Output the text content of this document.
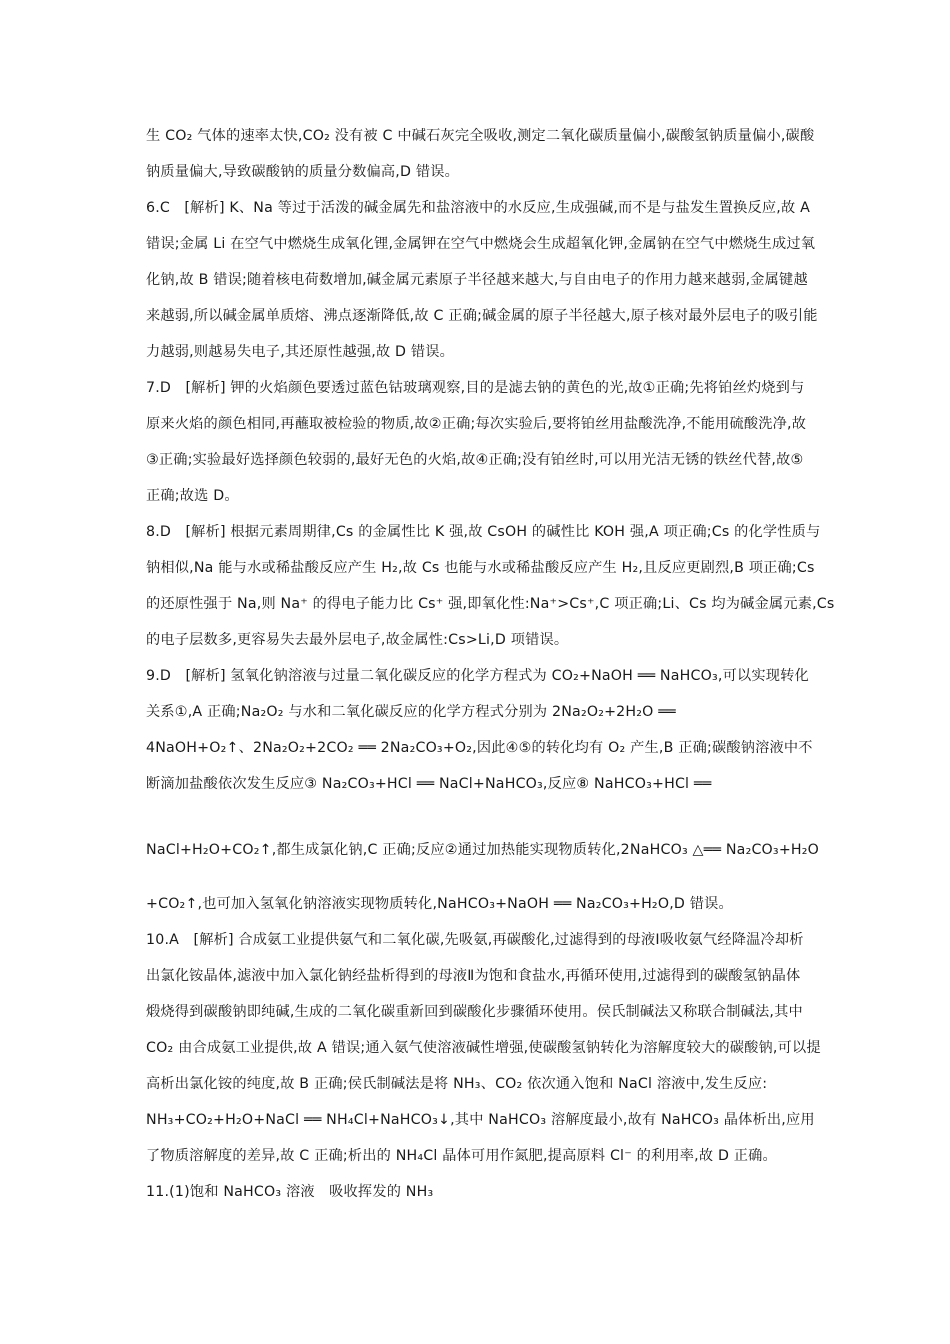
生 CO₂ 气体的速率太快,CO₂ 没有被 C 中碱石灰完全吸收,测定二氧化碳质量偏小,碳酸氢钠质量偏小,碳酸
钠质量偏大,导致碳酸钠的质量分数偏高,D 错误。
6.C　[解析] K、Na 等过于活泼的碱金属先和盐溶液中的水反应,生成强碱,而不是与盐发生置换反应,故 A
错误;金属 Li 在空气中燃烧生成氧化锂,金属钾在空气中燃烧会生成超氧化钾,金属钠在空气中燃烧生成过氧
化钠,故 B 错误;随着核电荷数增加,碱金属元素原子半径越来越大,与自由电子的作用力越来越弱,金属键越
来越弱,所以碱金属单质熔、沸点逐渐降低,故 C 正确;碱金属的原子半径越大,原子核对最外层电子的吸引能
力越弱,则越易失电子,其还原性越强,故 D 错误。
7.D　[解析] 钾的火焰颜色要透过蓝色钴玻璃观察,目的是滤去钠的黄色的光,故①正确;先将铂丝灼烧到与
原来火焰的颜色相同,再蘸取被检验的物质,故②正确;每次实验后,要将铂丝用盐酸洗净,不能用硫酸洗净,故
③正确;实验最好选择颜色较弱的,最好无色的火焰,故④正确;没有铂丝时,可以用光洁无锈的铁丝代替,故⑤
正确;故选 D。
8.D　[解析] 根据元素周期律,Cs 的金属性比 K 强,故 CsOH 的碱性比 KOH 强,A 项正确;Cs 的化学性质与
钠相似,Na 能与水或稀盐酸反应产生 H₂,故 Cs 也能与水或稀盐酸反应产生 H₂,且反应更剧烈,B 项正确;Cs
的还原性强于 Na,则 Na⁺ 的得电子能力比 Cs⁺ 强,即氧化性:Na⁺>Cs⁺,C 项正确;Li、Cs 均为碱金属元素,Cs
的电子层数多,更容易失去最外层电子,故金属性:Cs>Li,D 项错误。
9.D　[解析] 氢氧化钠溶液与过量二氧化碳反应的化学方程式为 CO₂+NaOH ══ NaHCO₃,可以实现转化
关系①,A 正确;Na₂O₂ 与水和二氧化碳反应的化学方程式分别为 2Na₂O₂+2H₂O ══
4NaOH+O₂↑、2Na₂O₂+2CO₂ ══ 2Na₂CO₃+O₂,因此④⑤的转化均有 O₂ 产生,B 正确;碳酸钠溶液中不
断滴加盐酸依次发生反应③ Na₂CO₃+HCl ══ NaCl+NaHCO₃,反应⑧ NaHCO₃+HCl ══
NaCl+H₂O+CO₂↑,都生成氯化钠,C 正确;反应②通过加热能实现物质转化,2NaHCO₃ △══ Na₂CO₃+H₂O
+CO₂↑,也可加入氢氧化钠溶液实现物质转化,NaHCO₃+NaOH ══ Na₂CO₃+H₂O,D 错误。
10.A　[解析] 合成氨工业提供氨气和二氧化碳,先吸氨,再碳酸化,过滤得到的母液Ⅰ吸收氨气经降温冷却析
出氯化铵晶体,滤液中加入氯化钠经盐析得到的母液Ⅱ为饱和食盐水,再循环使用,过滤得到的碳酸氢钠晶体
煅烧得到碳酸钠即纯碱,生成的二氧化碳重新回到碳酸化步骤循环使用。侯氏制碱法又称联合制碱法,其中
CO₂ 由合成氨工业提供,故 A 错误;通入氨气使溶液碱性增强,使碳酸氢钠转化为溶解度较大的碳酸钠,可以提
高析出氯化铵的纯度,故 B 正确;侯氏制碱法是将 NH₃、CO₂ 依次通入饱和 NaCl 溶液中,发生反应:
NH₃+CO₂+H₂O+NaCl ══ NH₄Cl+NaHCO₃↓,其中 NaHCO₃ 溶解度最小,故有 NaHCO₃ 晶体析出,应用
了物质溶解度的差异,故 C 正确;析出的 NH₄Cl 晶体可用作氮肥,提高原料 Cl⁻ 的利用率,故 D 正确。
11.(1)饱和 NaHCO₃ 溶液　吸收挥发的 NH₃
